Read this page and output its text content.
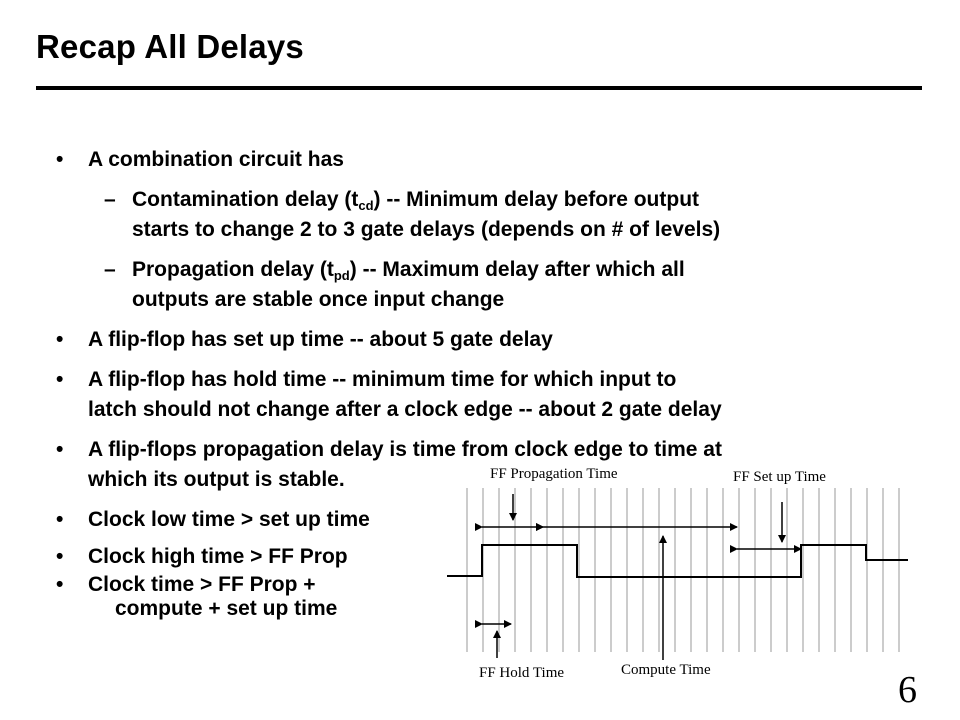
Recap All Delays
• A combination circuit has
– Contamination delay $(t_{cd})$ -- Minimum delay before output
starts to change 2 to 3 gate delays (depends on # of levels)
– Propagation delay $(t_{pd})$ -- Maximum delay after which all
outputs are stable once input change
• A flip-flop has set up time -- about 5 gate delay
• A flip-flop has hold time -- minimum time for which input to
latch should not change after a clock edge -- about 2 gate delay
• A flip-flops propagation delay is time from clock edge to time at
which its output is stable.
• Clock low time > set up time
• Clock high time > FF Prop
• Clock time > FF Prop +
compute + set up time
FF Propagation Time	FF Set up Time
FF Hold Time	Compute Time	6
